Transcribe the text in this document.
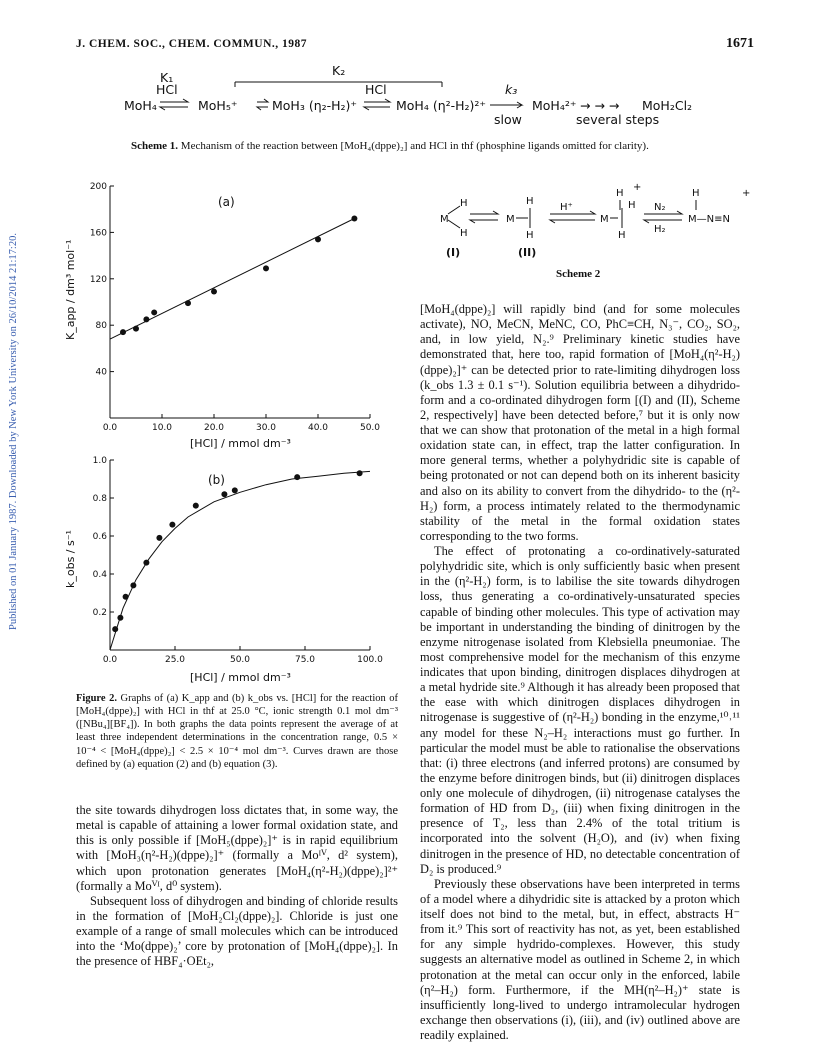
J. CHEM. SOC., CHEM. COMMUN., 1987	1671
Published on 01 January 1987. Downloaded by New York University on 26/10/2014 21:17:20.
K₂
K₁
HCl	HCl	k₃
MoH₄	MoH₅⁺	MoH₃ (η₂-H₂)⁺	MoH₄ (η²-H₂)²⁺	MoH₄²⁺ → → → MoH₂Cl₂
slow	several steps
Scheme 1. Mechanism of the reaction between [MoH₄(dppe)₂] and HCl in thf (phosphine ligands omitted for clarity).
0.0	10.0	20.0	30.0	40.0	50.0
40
80
120
160
200
(a)
[HCl] / mmol dm⁻³
K_app / dm³ mol⁻¹
0.0	25.0	50.0	75.0	100.0
0.2
0.4
0.6
0.8
1.0
(b)
[HCl] / mmol dm⁻³
k_obs / s⁻¹
Figure 2. Graphs of (a) K_app and (b) k_obs vs. [HCl] for the reaction of [MoH₄(dppe)₂] with HCl in thf at 25.0 °C, ionic strength 0.1 mol dm⁻³ ([NBu₄][BF₄]). In both graphs the data points represent the average of at least three independent determinations in the concentration range, 0.5 × 10⁻⁴ < [MoH₄(dppe)₂] < 2.5 × 10⁻⁴ mol dm⁻³. Curves drawn are those defined by (a) equation (2) and (b) equation (3).

the site towards dihydrogen loss dictates that, in some way, the metal is capable of attaining a lower formal oxidation state, and this is only possible if [MoH₅(dppe)₂]⁺ is in rapid equilibrium with [MoH₃(η²-H₂)(dppe)₂]⁺ (formally a Moᴵⱽ, d² system), which upon protonation generates [MoH₄(η²-H₂)(dppe)₂]²⁺ (formally a Moⱽᴵ, d⁰ system).

Subsequent loss of dihydrogen and binding of chloride results in the formation of [MoH₂Cl₂(dppe)₂]. Chloride is just one example of a range of small molecules which can be introduced into the ‘Mo(dppe)₂’ core by protonation of [MoH₄(dppe)₂]. In the presence of HBF₄·OEt₂,

M
H
H
M
H
H
H⁺
M
H
H
H
+
N₂
H₂
H
M—N≡N
+
(I)	(II)
Scheme 2

[MoH₄(dppe)₂] will rapidly bind (and for some molecules activate), NO, MeCN, MeNC, CO, PhC≡CH, N₃⁻, CO₂, SO₂, and, in low yield, N₂.⁹ Preliminary kinetic studies have demonstrated that, here too, rapid formation of [MoH₄(η²-H₂)(dppe)₂]⁺ can be detected prior to rate-limiting dihydrogen loss (k_obs 1.3 ± 0.1 s⁻¹). Solution equilibria between a dihydrido-form and a co-ordinated dihydrogen form [(I) and (II), Scheme 2, respectively] have been detected before,⁷ but it is only now that we can show that protonation of the metal in a high formal oxidation state can, in effect, trap the latter configuration. In more general terms, whether a polyhydridic site is capable of being protonated or not can depend both on its inherent basicity and also on its ability to convert from the dihydrido- to the (η²-H₂) form, a process intimately related to the thermodynamic stability of the metal in the formal oxidation states corresponding to the two forms.

The effect of protonating a co-ordinatively-saturated polyhydridic site, which is only sufficiently basic when present in the (η²-H₂) form, is to labilise the site towards dihydrogen loss, thus generating a co-ordinatively-unsaturated species capable of binding other molecules. This type of activation may be important in understanding the binding of dinitrogen by the enzyme nitrogenase isolated from Klebsiella pneumoniae. The most comprehensive model for the mechanism of this enzyme indicates that upon binding, dinitrogen displaces dihydrogen at a metal hydride site.⁹ Although it has already been proposed that the ease with which dinitrogen displaces dihydrogen in nitrogenase is suggestive of (η²-H₂) bonding in the enzyme,¹⁰˒¹¹ any model for these N₂–H₂ interactions must go further. In particular the model must be able to rationalise the observations that: (i) three electrons (and inferred protons) are consumed by the enzyme before dinitrogen binds, but (ii) dinitrogen displaces only one molecule of dihydrogen, (ii) nitrogenase catalyses the formation of HD from D₂, (iii) when fixing dinitrogen in the presence of T₂, less than 2.4% of the total tritium is incorporated into the solvent (H₂O), and (iv) when fixing dinitrogen in the presence of HD, no detectable concentration of D₂ is produced.⁹

Previously these observations have been interpreted in terms of a model where a dihydridic site is attacked by a proton which itself does not bind to the metal, but, in effect, abstracts H⁻ from it.⁹ This sort of reactivity has not, as yet, been established for any simple hydrido-complexes. However, this study suggests an alternative model as outlined in Scheme 2, in which protonation at the metal can occur only in the enforced, labile (η²–H₂) form. Furthermore, if the MH(η²–H₂)⁺ state is insufficiently long-lived to undergo intramolecular hydrogen exchange then observations (i), (iii), and (iv) outlined above are readily explained.
